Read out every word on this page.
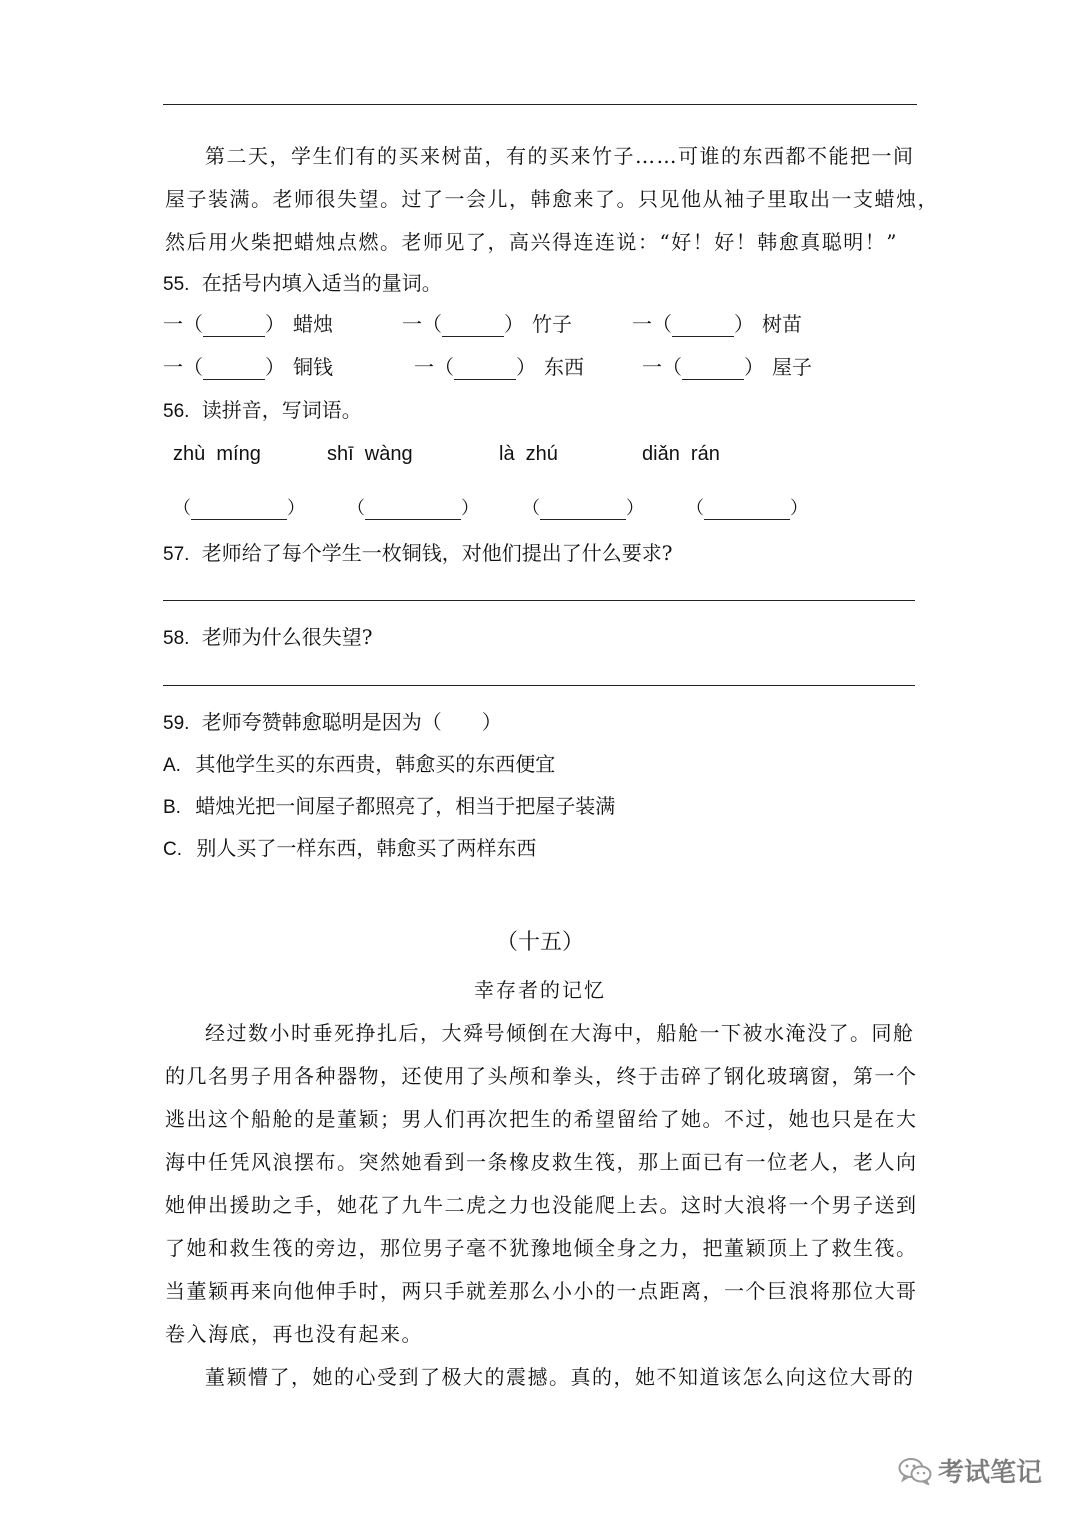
第二天，学生们有的买来树苗，有的买来竹子……可谁的东西都不能把一间
屋子装满。老师很失望。过了一会儿，韩愈来了。只见他从袖子里取出一支蜡烛，
然后用火柴把蜡烛点燃。老师见了，高兴得连连说：“好！好！韩愈真聪明！”
55. 在括号内填入适当的量词。
一（	） 蜡烛	一（	） 竹子	一（	） 树苗
一（	） 铜钱	一（	） 东西	一（	） 屋子
56. 读拼音，写词语。
zhù  míng	shī  wàng	là  zhú	diǎn  rán
（	） （	） （	） （	）
57. 老师给了每个学生一枚铜钱，对他们提出了什么要求?
58. 老师为什么很失望?
59. 老师夸赞韩愈聪明是因为（　　）
A. 其他学生买的东西贵，韩愈买的东西便宜
B. 蜡烛光把一间屋子都照亮了，相当于把屋子装满
C. 别人买了一样东西，韩愈买了两样东西
（十五）
幸存者的记忆
经过数小时垂死挣扎后，大舜号倾倒在大海中，船舱一下被水淹没了。同舱
的几名男子用各种器物，还使用了头颅和拳头，终于击碎了钢化玻璃窗，第一个
逃出这个船舱的是董颖；男人们再次把生的希望留给了她。不过，她也只是在大
海中任凭风浪摆布。突然她看到一条橡皮救生筏，那上面已有一位老人，老人向
她伸出援助之手，她花了九牛二虎之力也没能爬上去。这时大浪将一个男子送到
了她和救生筏的旁边，那位男子毫不犹豫地倾全身之力，把董颖顶上了救生筏。
当董颖再来向他伸手时，两只手就差那么小小的一点距离，一个巨浪将那位大哥
卷入海底，再也没有起来。
董颖懵了，她的心受到了极大的震撼。真的，她不知道该怎么向这位大哥的
考试笔记
